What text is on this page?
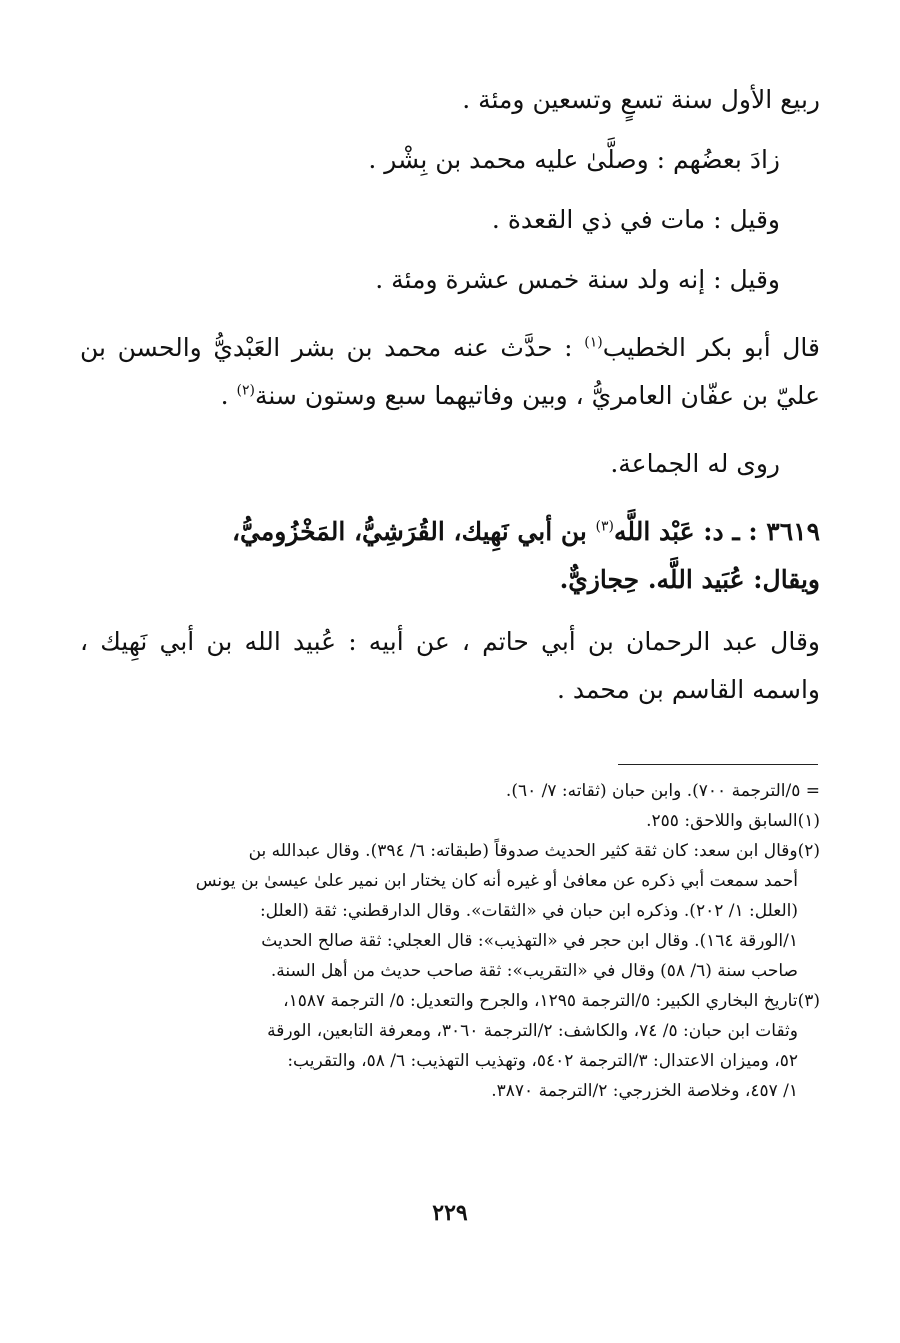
ربيع الأول سنة تسعٍ وتسعين ومئة .

زادَ بعضُهم : وصلَّىٰ عليه محمد بن بِشْر .

وقيل : مات في ذي القعدة .

وقيل : إنه ولد سنة خمس عشرة ومئة .

قال أبو بكر الخطيب$^{(١)}$ : حدَّث عنه محمد بن بشر العَبْديُّ والحسن بن عليّ بن عفّان العامريُّ ، وبين وفاتيهما سبع وستون سنة$^{(٢)}$ .

روى له الجماعة.

٣٦١٩ : ـ د: عَبْد اللَّه$^{(٣)}$ بن أبي نَهِيك، القُرَشِيُّ، المَخْزُوميُّ،
ويقال: عُبَيد اللَّه. حِجازيٌّ.

وقال عبد الرحمان بن أبي حاتم ، عن أبيه : عُبيد الله بن أبي نَهِيك ، واسمه القاسم بن محمد .

= ٥/الترجمة ٧٠٠). وابن حبان (ثقاته: ٧/ ٦٠).

(١)السابق واللاحق: ٢٥٥.

(٢)وقال ابن سعد: كان ثقة كثير الحديث صدوقاً (طبقاته: ٦/ ٣٩٤). وقال عبدالله بن
أحمد سمعت أبي ذكره عن معافىٰ أو غيره أنه كان يختار ابن نمير علىٰ عيسىٰ بن يونس
(العلل: ١/ ٢٠٢). وذكره ابن حبان في «الثقات». وقال الدارقطني: ثقة (العلل:
١/الورقة ١٦٤). وقال ابن حجر في «التهذيب»: قال العجلي: ثقة صالح الحديث
صاحب سنة (٦/ ٥٨) وقال في «التقريب»: ثقة صاحب حديث من أهل السنة.
(٣)تاريخ البخاري الكبير: ٥/الترجمة ١٢٩٥، والجرح والتعديل: ٥/ الترجمة ١٥٨٧،
وثقات ابن حبان: ٥/ ٧٤، والكاشف: ٢/الترجمة ٣٠٦٠، ومعرفة التابعين، الورقة
٥٢، وميزان الاعتدال: ٣/الترجمة ٥٤٠٢، وتهذيب التهذيب: ٦/ ٥٨، والتقريب:
١/ ٤٥٧، وخلاصة الخزرجي: ٢/الترجمة ٣٨٧٠.
٢٢٩
